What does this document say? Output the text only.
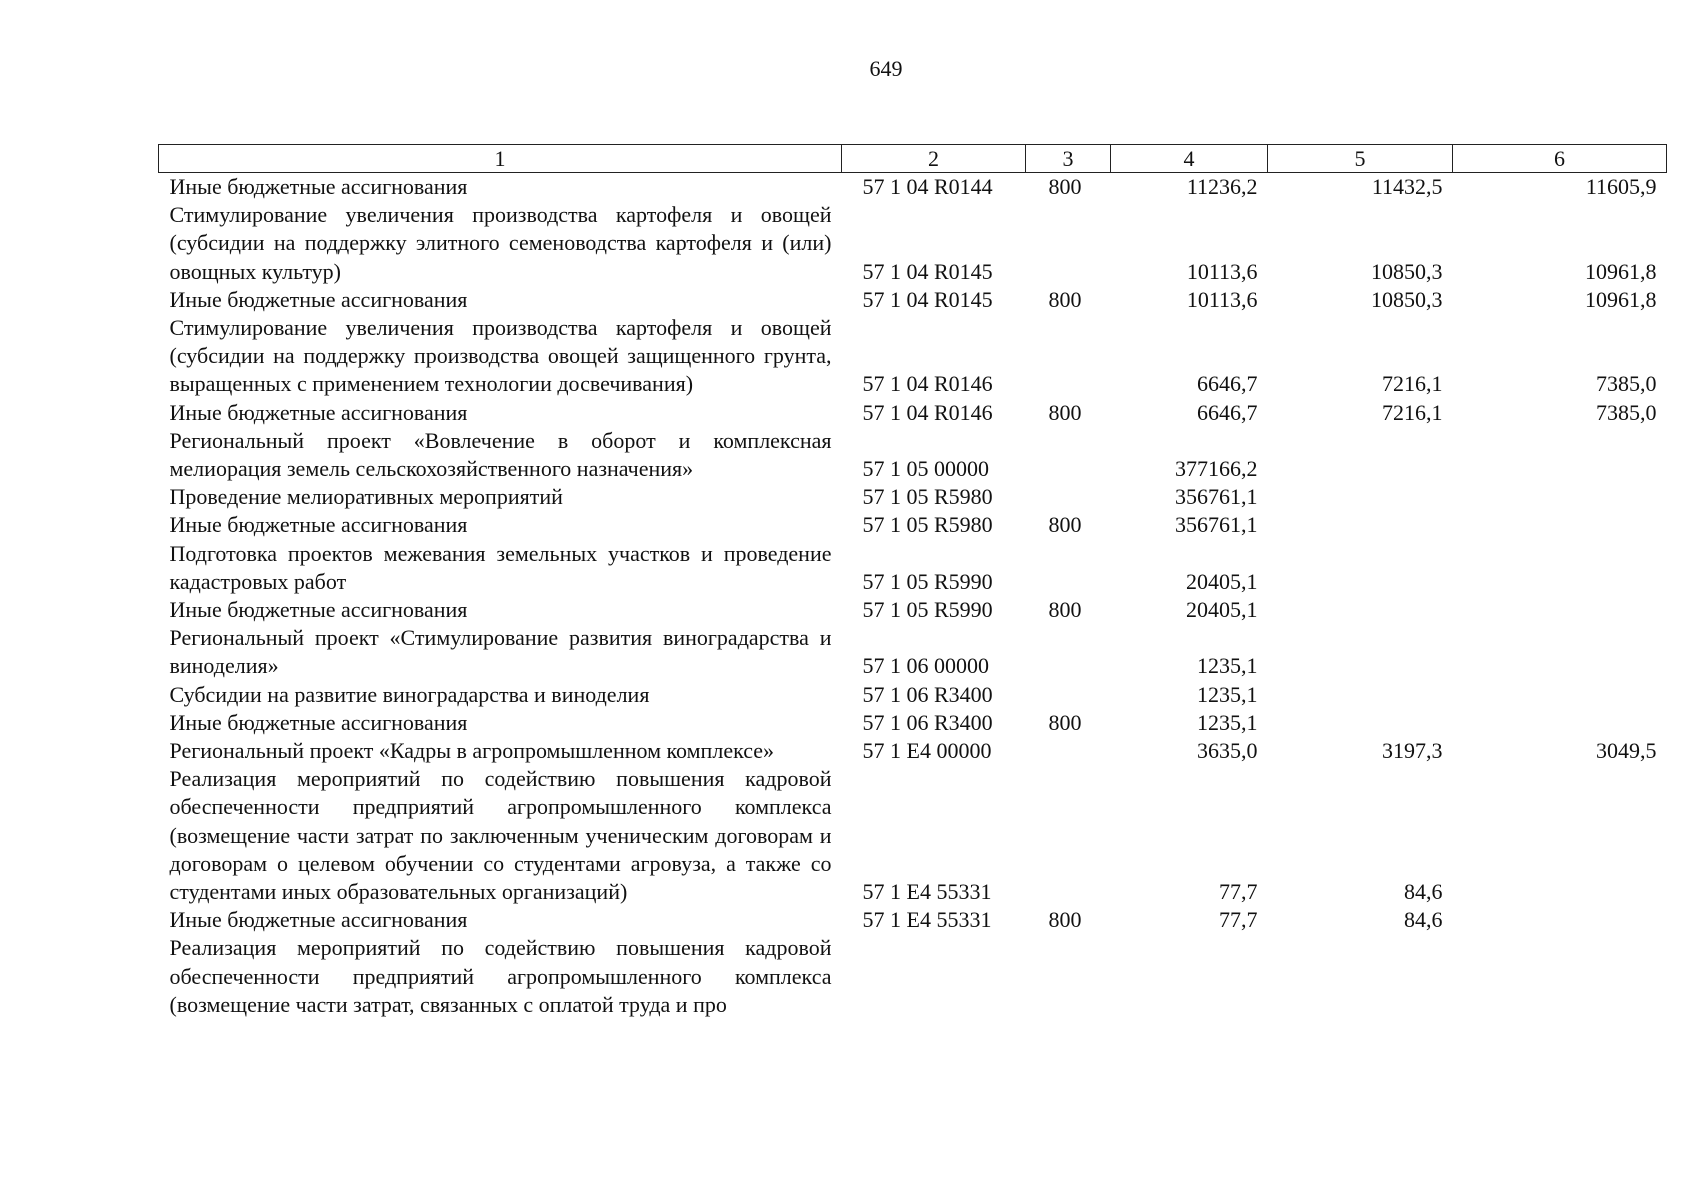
649
1	2	3	4	5	6
Иные бюджетные ассигнования	57 1 04 R0144	800	11236,2	11432,5	11605,9
Стимулирование увеличения производства картофеля и овощей (субсидии на поддержку элитного семеноводства картофеля и (или) овощных культур)	57 1 04 R0145		10113,6	10850,3	10961,8
Иные бюджетные ассигнования	57 1 04 R0145	800	10113,6	10850,3	10961,8
Стимулирование увеличения производства картофеля и овощей (субсидии на поддержку производства овощей защищенного грунта, выращенных с применением технологии досвечивания)	57 1 04 R0146		6646,7	7216,1	7385,0
Иные бюджетные ассигнования	57 1 04 R0146	800	6646,7	7216,1	7385,0
Региональный проект «Вовлечение в оборот и комплексная мелиорация земель сельскохозяйственного назначения»	57 1 05 00000		377166,2		
Проведение мелиоративных мероприятий	57 1 05 R5980		356761,1		
Иные бюджетные ассигнования	57 1 05 R5980	800	356761,1		
Подготовка проектов межевания земельных участков и проведение кадастровых работ	57 1 05 R5990		20405,1		
Иные бюджетные ассигнования	57 1 05 R5990	800	20405,1		
Региональный проект «Стимулирование развития виноградарства и виноделия»	57 1 06 00000		1235,1		
Субсидии на развитие виноградарства и виноделия	57 1 06 R3400		1235,1		
Иные бюджетные ассигнования	57 1 06 R3400	800	1235,1		
Региональный проект «Кадры в агропромышленном комплексе»	57 1 Е4 00000		3635,0	3197,3	3049,5
Реализация мероприятий по содействию повышения кадровой обеспеченности предприятий агропромышленного комплекса (возмещение части затрат по заключенным ученическим договорам и договорам о целевом обучении со студентами агровуза, а также со студентами иных образовательных организаций)	57 1 Е4 55331		77,7	84,6	
Иные бюджетные ассигнования	57 1 Е4 55331	800	77,7	84,6	
Реализация мероприятий по содействию повышения кадровой обеспеченности предприятий агропромышленного комплекса (возмещение части затрат, связанных с оплатой труда и про					
